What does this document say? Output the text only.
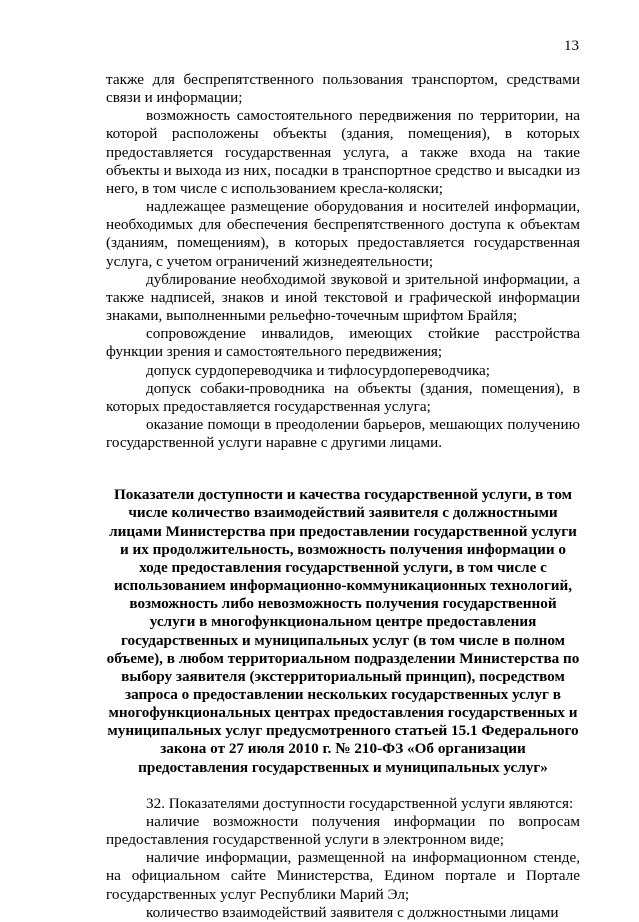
13

также для беспрепятственного пользования транспортом, средствами связи и информации;

возможность самостоятельного передвижения по территории, на которой расположены объекты (здания, помещения), в которых предоставляется государственная услуга, а также входа на такие объекты и выхода из них, посадки в транспортное средство и высадки из него, в том числе с использованием кресла-коляски;

надлежащее размещение оборудования и носителей информации, необходимых для обеспечения беспрепятственного доступа к объектам (зданиям, помещениям), в которых предоставляется государственная услуга, с учетом ограничений жизнедеятельности;

дублирование необходимой звуковой и зрительной информации, а также надписей, знаков и иной текстовой и графической информации знаками, выполненными рельефно-точечным шрифтом Брайля;

сопровождение инвалидов, имеющих стойкие расстройства функции зрения и самостоятельного передвижения;

допуск сурдопереводчика и тифлосурдопереводчика;

допуск собаки-проводника на объекты (здания, помещения), в которых предоставляется государственная услуга;

оказание помощи в преодолении барьеров, мешающих получению государственной услуги наравне с другими лицами.

Показатели доступности и качества государственной услуги, в том числе количество взаимодействий заявителя с должностными лицами Министерства при предоставлении государственной услуги и их продолжительность, возможность получения информации о ходе предоставления государственной услуги, в том числе с использованием информационно-коммуникационных технологий, возможность либо невозможность получения государственной услуги в многофункциональном центре предоставления государственных и муниципальных услуг (в том числе в полном объеме), в любом территориальном подразделении Министерства по выбору заявителя (экстерриториальный принцип), посредством запроса о предоставлении нескольких государственных услуг в многофункциональных центрах предоставления государственных и муниципальных услуг предусмотренного статьей 15.1 Федерального закона от 27 июля 2010 г. № 210-ФЗ «Об организации предоставления государственных и муниципальных услуг»

32. Показателями доступности государственной услуги являются:

наличие возможности получения информации по вопросам предоставления государственной услуги в электронном виде;

наличие информации, размещенной на информационном стенде, на официальном сайте Министерства, Едином портале и Портале государственных услуг Республики Марий Эл;

количество взаимодействий заявителя с должностными лицами
